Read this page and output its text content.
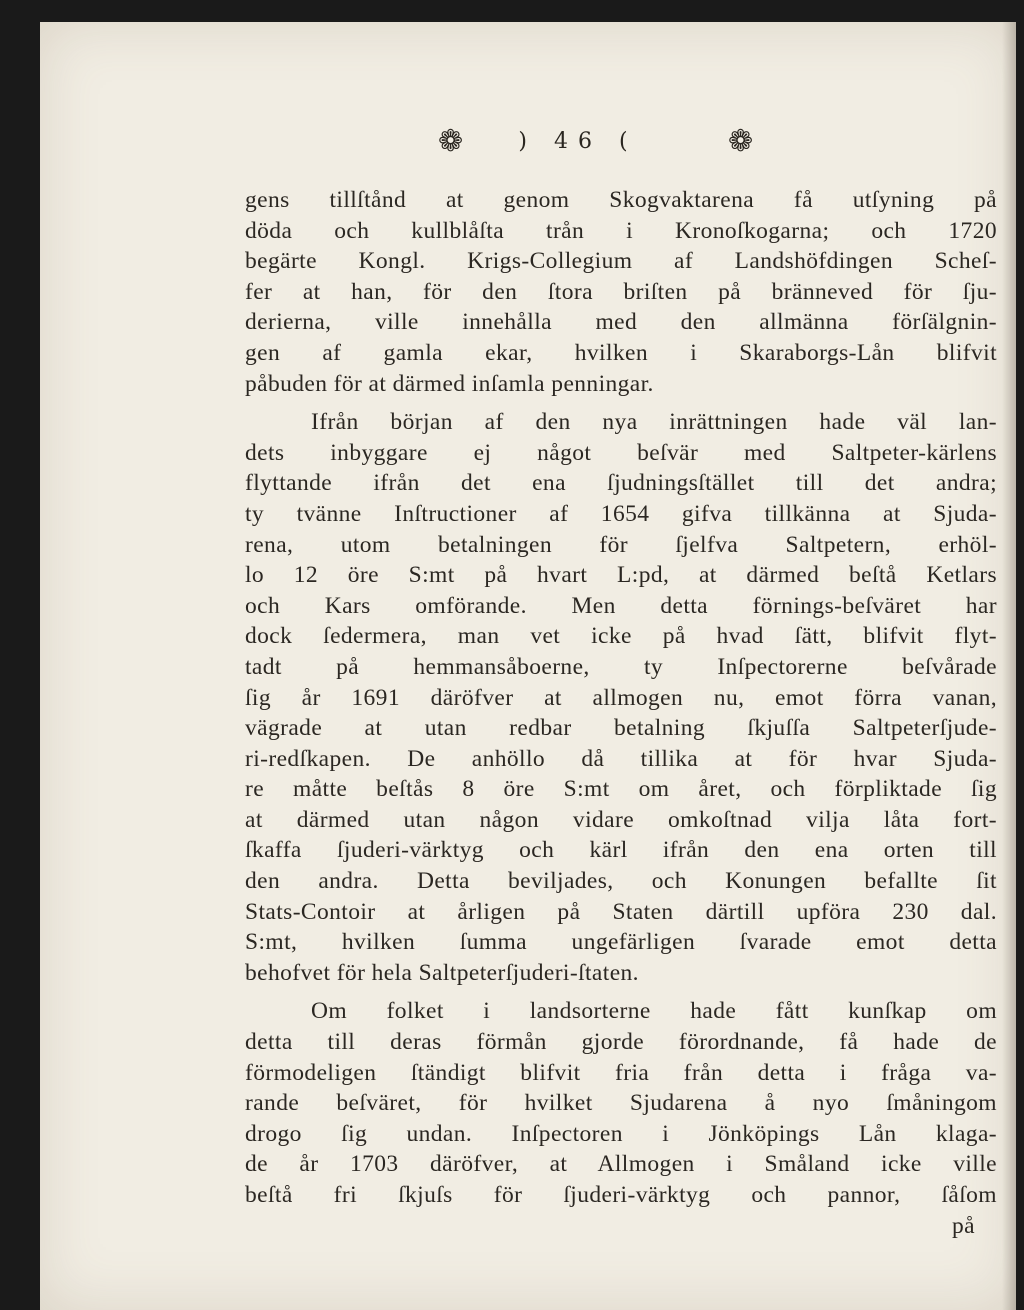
❁	) 46 (	❁
gens tillſtånd at genom Skogvaktarena få utſyning på
döda och kullblåſta trån i Kronoſkogarna; och 1720
begärte Kongl. Krigs-Collegium af Landshöfdingen Scheſ-
fer at han, för den ſtora briſten på bränneved för ſju-
derierna, ville innehålla med den allmänna förſälgnin-
gen af gamla ekar, hvilken i Skaraborgs-Lån blifvit
påbuden för at därmed inſamla penningar.
Ifrån början af den nya inrättningen hade väl lan-
dets inbyggare ej något beſvär med Saltpeter-kärlens
flyttande ifrån det ena ſjudningsſtället till det andra;
ty tvänne Inſtructioner af 1654 gifva tillkänna at Sjuda-
rena, utom betalningen för ſjelfva Saltpetern, erhöl-
lo 12 öre S:mt på hvart L:pd, at därmed beſtå Ketlars
och Kars omförande. Men detta förnings-beſväret har
dock ſedermera, man vet icke på hvad ſätt, blifvit flyt-
tadt på hemmansåboerne, ty Inſpectorerne beſvårade
ſig år 1691 däröfver at allmogen nu, emot förra vanan,
vägrade at utan redbar betalning ſkjuſſa Saltpeterſjude-
ri-redſkapen. De anhöllo då tillika at för hvar Sjuda-
re måtte beſtås 8 öre S:mt om året, och förpliktade ſig
at därmed utan någon vidare omkoſtnad vilja låta fort-
ſkaffa ſjuderi-värktyg och kärl ifrån den ena orten till
den andra. Detta beviljades, och Konungen befallte ſit
Stats-Contoir at årligen på Staten därtill upföra 230 dal.
S:mt, hvilken ſumma ungefärligen ſvarade emot detta
behofvet för hela Saltpeterſjuderi-ſtaten.
Om folket i landsorterne hade fått kunſkap om
detta till deras förmån gjorde förordnande, få hade de
förmodeligen ſtändigt blifvit fria från detta i fråga va-
rande beſväret, för hvilket Sjudarena å nyo ſmåningom
drogo ſig undan. Inſpectoren i Jönköpings Lån klaga-
de år 1703 däröfver, at Allmogen i Småland icke ville
beſtå fri ſkjuſs för ſjuderi-värktyg och pannor, ſåſom
på
